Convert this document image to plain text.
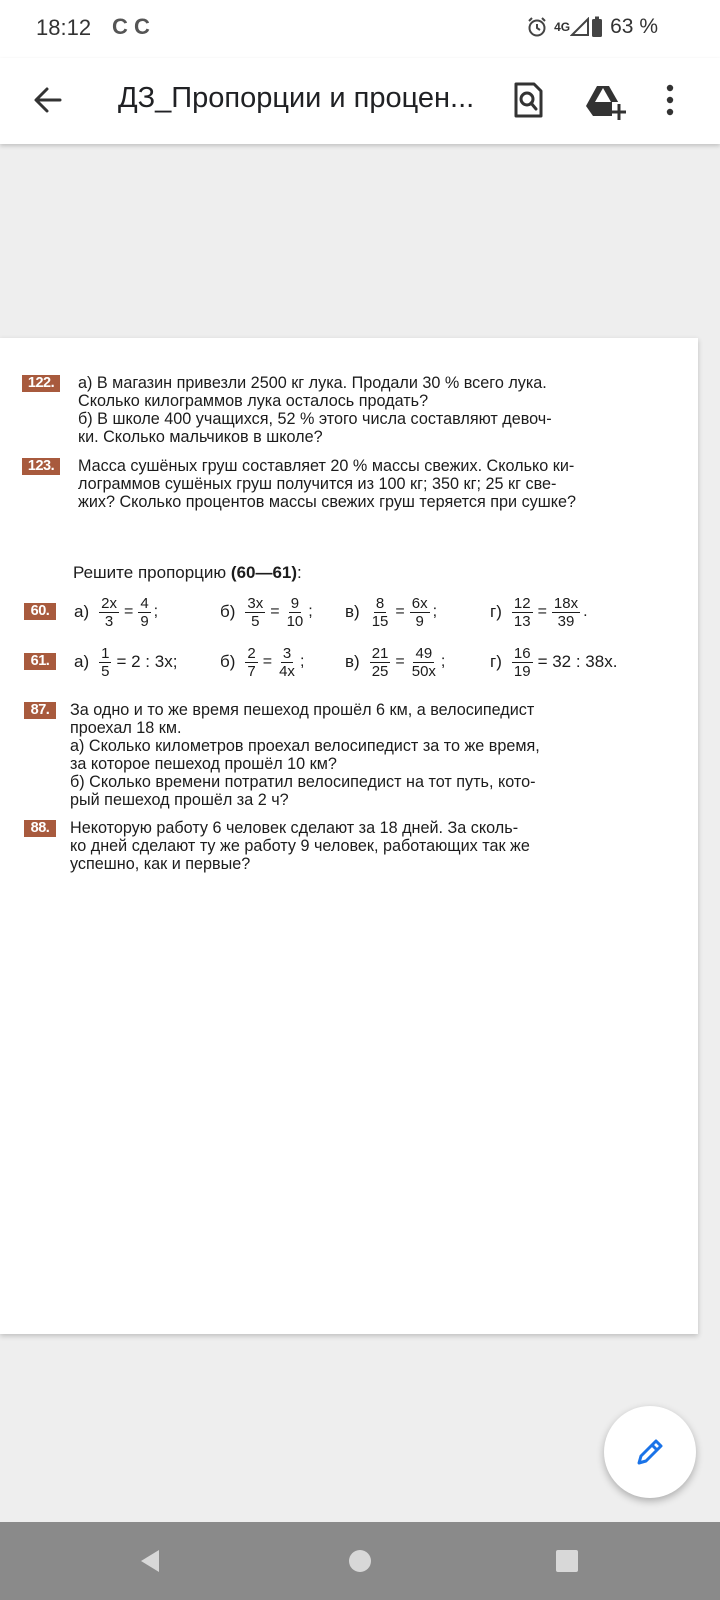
18:12 C C	4G 63 %
ДЗ_Пропорции и процен...
122.	а) В магазин привезли 2500 кг лука. Продали 30 % всего лука.
Сколько килограммов лука осталось продать?
б) В школе 400 учащихся, 52 % этого числа составляют девоч-
ки. Сколько мальчиков в школе?
123.	Масса сушёных груш составляет 20 % массы свежих. Сколько ки-
лограммов сушёных груш получится из 100 кг; 350 кг; 25 кг све-
жих? Сколько процентов массы свежих груш теряется при сушке?
Решите пропорцию (60—61):
60.	$а) \frac{2x}{3} = \frac{4}{9}$ ;	$б) \frac{3x}{5} = \frac{9}{10}$ ; $в) \frac{8}{15} = \frac{6x}{9}$ ;	$г) \frac{12}{13} = \frac{18x}{39}$ .
61.	$а) \frac{1}{5} = 2$ : 3x;	$б) \frac{2}{7} = \frac{3}{4x}$ ; $в) \frac{21}{25} = \frac{49}{50x}$ ;	$г) \frac{16}{19} = 32$ : 38x.
87.	За одно и то же время пешеход прошёл 6 км, а велосипедист
проехал 18 км.
а) Сколько километров проехал велосипедист за то же время,
за которое пешеход прошёл 10 км?
б) Сколько времени потратил велосипедист на тот путь, кото-
рый пешеход прошёл за 2 ч?
88.	Некоторую работу 6 человек сделают за 18 дней. За сколь-
ко дней сделают ту же работу 9 человек, работающих так же
успешно, как и первые?
